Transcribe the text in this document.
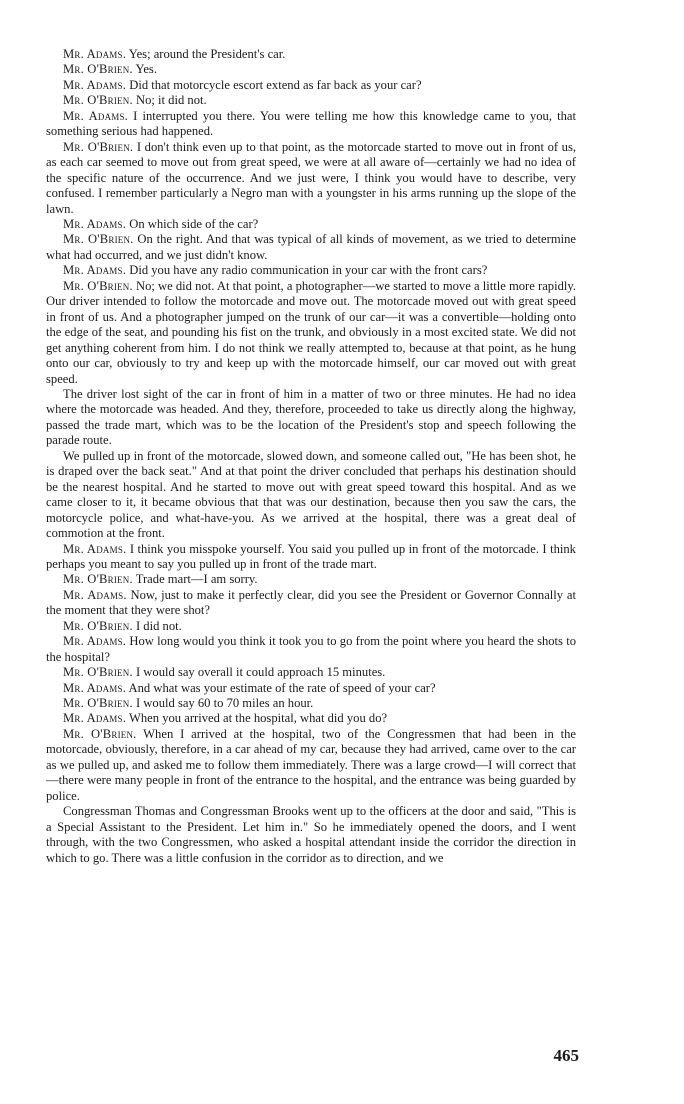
Mr. Adams. Yes; around the President's car.

Mr. O'Brien. Yes.

Mr. Adams. Did that motorcycle escort extend as far back as your car?

Mr. O'Brien. No; it did not.

Mr. Adams. I interrupted you there. You were telling me how this knowledge came to you, that something serious had happened.

Mr. O'Brien. I don't think even up to that point, as the motorcade started to move out in front of us, as each car seemed to move out from great speed, we were at all aware of—certainly we had no idea of the specific nature of the occurrence. And we just were, I think you would have to describe, very confused. I remember particularly a Negro man with a youngster in his arms running up the slope of the lawn.

Mr. Adams. On which side of the car?

Mr. O'Brien. On the right. And that was typical of all kinds of movement, as we tried to determine what had occurred, and we just didn't know.

Mr. Adams. Did you have any radio communication in your car with the front cars?

Mr. O'Brien. No; we did not. At that point, a photographer—we started to move a little more rapidly. Our driver intended to follow the motorcade and move out. The motorcade moved out with great speed in front of us. And a photographer jumped on the trunk of our car—it was a convertible—holding onto the edge of the seat, and pounding his fist on the trunk, and obviously in a most excited state. We did not get anything coherent from him. I do not think we really attempted to, because at that point, as he hung onto our car, obviously to try and keep up with the motorcade himself, our car moved out with great speed.

The driver lost sight of the car in front of him in a matter of two or three minutes. He had no idea where the motorcade was headed. And they, therefore, proceeded to take us directly along the highway, passed the trade mart, which was to be the location of the President's stop and speech following the parade route.

We pulled up in front of the motorcade, slowed down, and someone called out, "He has been shot, he is draped over the back seat." And at that point the driver concluded that perhaps his destination should be the nearest hospital. And he started to move out with great speed toward this hospital. And as we came closer to it, it became obvious that that was our destination, because then you saw the cars, the motorcycle police, and what-have-you. As we arrived at the hospital, there was a great deal of commotion at the front.

Mr. Adams. I think you misspoke yourself. You said you pulled up in front of the motorcade. I think perhaps you meant to say you pulled up in front of the trade mart.

Mr. O'Brien. Trade mart—I am sorry.

Mr. Adams. Now, just to make it perfectly clear, did you see the President or Governor Connally at the moment that they were shot?

Mr. O'Brien. I did not.

Mr. Adams. How long would you think it took you to go from the point where you heard the shots to the hospital?

Mr. O'Brien. I would say overall it could approach 15 minutes.

Mr. Adams. And what was your estimate of the rate of speed of your car?

Mr. O'Brien. I would say 60 to 70 miles an hour.

Mr. Adams. When you arrived at the hospital, what did you do?

Mr. O'Brien. When I arrived at the hospital, two of the Congressmen that had been in the motorcade, obviously, therefore, in a car ahead of my car, because they had arrived, came over to the car as we pulled up, and asked me to follow them immediately. There was a large crowd—I will correct that—there were many people in front of the entrance to the hospital, and the entrance was being guarded by police.

Congressman Thomas and Congressman Brooks went up to the officers at the door and said, "This is a Special Assistant to the President. Let him in." So he immediately opened the doors, and I went through, with the two Congressmen, who asked a hospital attendant inside the corridor the direction in which to go. There was a little confusion in the corridor as to direction, and we

465
